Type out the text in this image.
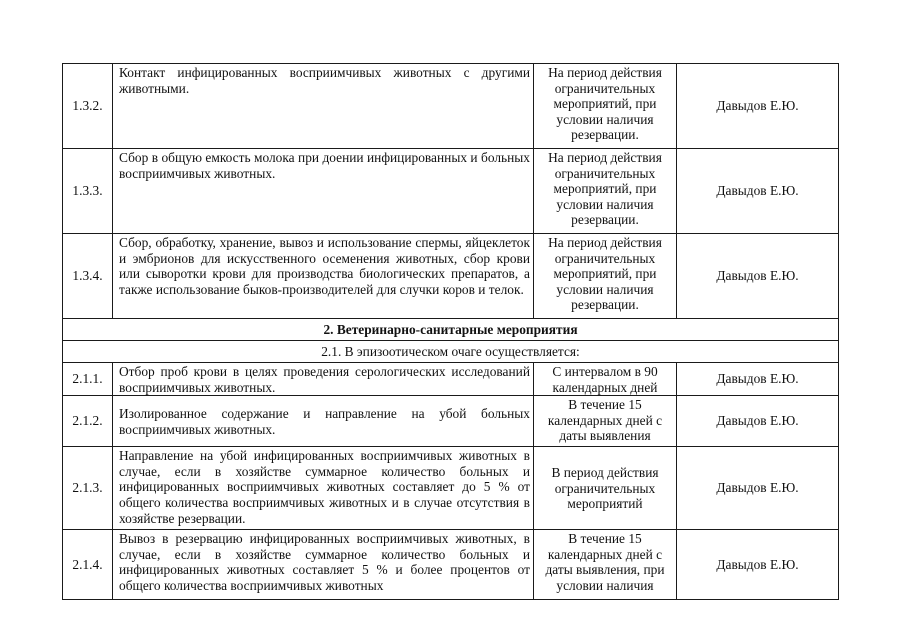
1.3.2.	Контакт инфицированных восприимчивых животных с другими животными.	На период действия ограничительных мероприятий, при условии наличия резервации.	Давыдов Е.Ю.
1.3.3.	Сбор в общую емкость молока при доении инфицированных и больных восприимчивых животных.	На период действия ограничительных мероприятий, при условии наличия резервации.	Давыдов Е.Ю.
1.3.4.	Сбор, обработку, хранение, вывоз и использование спермы, яйцеклеток и эмбрионов для искусственного осеменения животных, сбор крови или сыворотки крови для производства биологических препаратов, а также использование быков-производителей для случки коров и телок.	На период действия ограничительных мероприятий, при условии наличия резервации.	Давыдов Е.Ю.
2. Ветеринарно-санитарные мероприятия			
2.1. В эпизоотическом очаге осуществляется:			
2.1.1.	Отбор проб крови в целях проведения серологических исследований восприимчивых животных.	С интервалом в 90 календарных дней	Давыдов Е.Ю.
2.1.2.	Изолированное содержание и направление на убой больных восприимчивых животных.	В течение 15 календарных дней с даты выявления	Давыдов Е.Ю.
2.1.3.	Направление на убой инфицированных восприимчивых животных в случае, если в хозяйстве суммарное количество больных и инфицированных восприимчивых животных составляет до 5 % от общего количества восприимчивых животных и в случае отсутствия в хозяйстве резервации.	В период действия ограничительных мероприятий	Давыдов Е.Ю.
2.1.4.	Вывоз в резервацию инфицированных восприимчивых животных, в случае, если в хозяйстве суммарное количество больных и инфицированных животных составляет 5 % и более процентов от общего количества восприимчивых животных	В течение 15 календарных дней с даты выявления, при условии наличия	Давыдов Е.Ю.
